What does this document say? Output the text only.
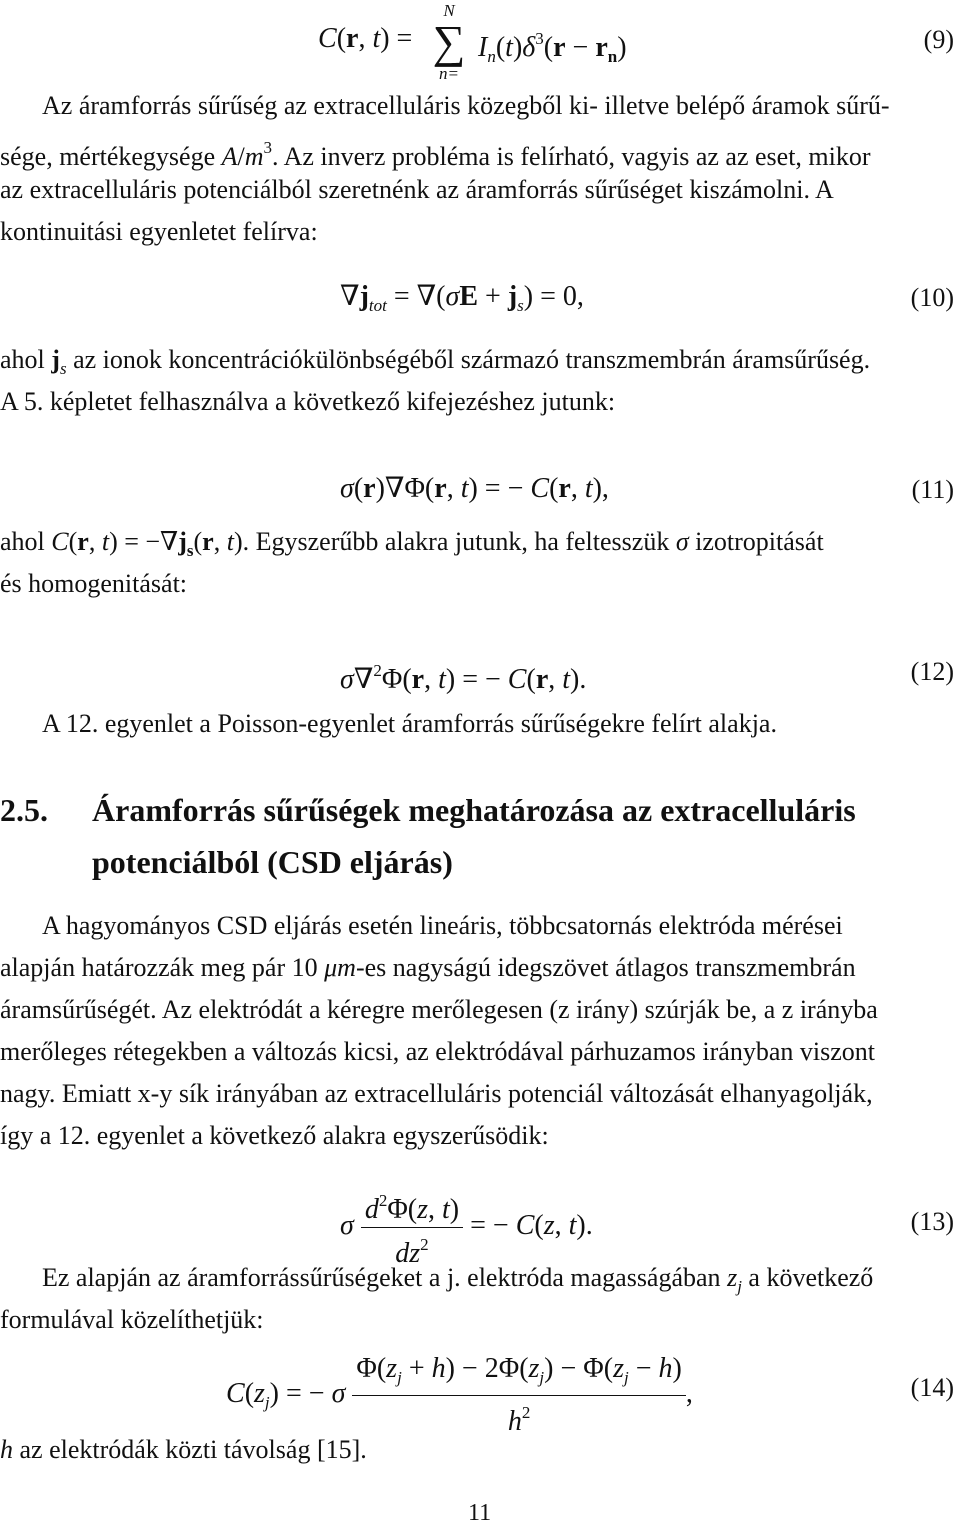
C(r, t) =
N
∑
n=
$I_n(t)\delta^3(r - r_n)$	(9)
Az áramforrás sűrűség az extracelluláris közegből ki- illetve belépő áramok sűrű-
sége, mértékegysége $A/m^3$. Az inverz probléma is felírható, vagyis az az eset, mikor
az extracelluláris potenciálból szeretnénk az áramforrás sűrűséget kiszámolni. A
kontinuitási egyenletet felírva:
$\nabla j_{tot} = \nabla(\sigma E + j_s) = 0$,	(10)
ahol $j_s$ az ionok koncentrációkülönbségéből származó transzmembrán áramsűrűség.
A 5. képletet felhasználva a következő kifejezéshez jutunk:
σ(r)∇Φ(r, t) = − C(r, t),	(11)
ahol C(r, $t) = -\nabla j_s(r$, t). Egyszerűbb alakra jutunk, ha feltesszük σ izotropitását
és homogenitását:
σ∇$^2$Φ(r, t) = − C(r, t).	(12)
A 12. egyenlet a Poisson-egyenlet áramforrás sűrűségekre felírt alakja.
2.5. Áramforrás sűrűségek meghatározása az extracelluláris
potenciálból (CSD eljárás)
A hagyományos CSD eljárás esetén lineáris, többcsatornás elektróda mérései
alapján határozzák meg pár 10 μm-es nagyságú idegszövet átlagos transzmembrán
áramsűrűségét. Az elektródát a kéregre merőlegesen (z irány) szúrják be, a z irányba
merőleges rétegekben a változás kicsi, az elektródával párhuzamos irányban viszont
nagy. Emiatt x-y sík irányában az extracelluláris potenciál változását elhanyagolják,
így a 12. egyenlet a következő alakra egyszerűsödik:
σ $\frac{d^2\Phi(z, t)}{dz^2}$ = − C(z, t).	(13)
Ez alapján az áramforrássűrűségeket a j. elektróda magasságában $z_j$ a következő
formulával közelíthetjük:
$C(z_j)$ = − σ $\frac{\Phi(z_j + h) - 2\Phi(z_j) - \Phi(z_j - h)}{h^2}$ ,	(14)
h az elektródák közti távolság [15].
11
